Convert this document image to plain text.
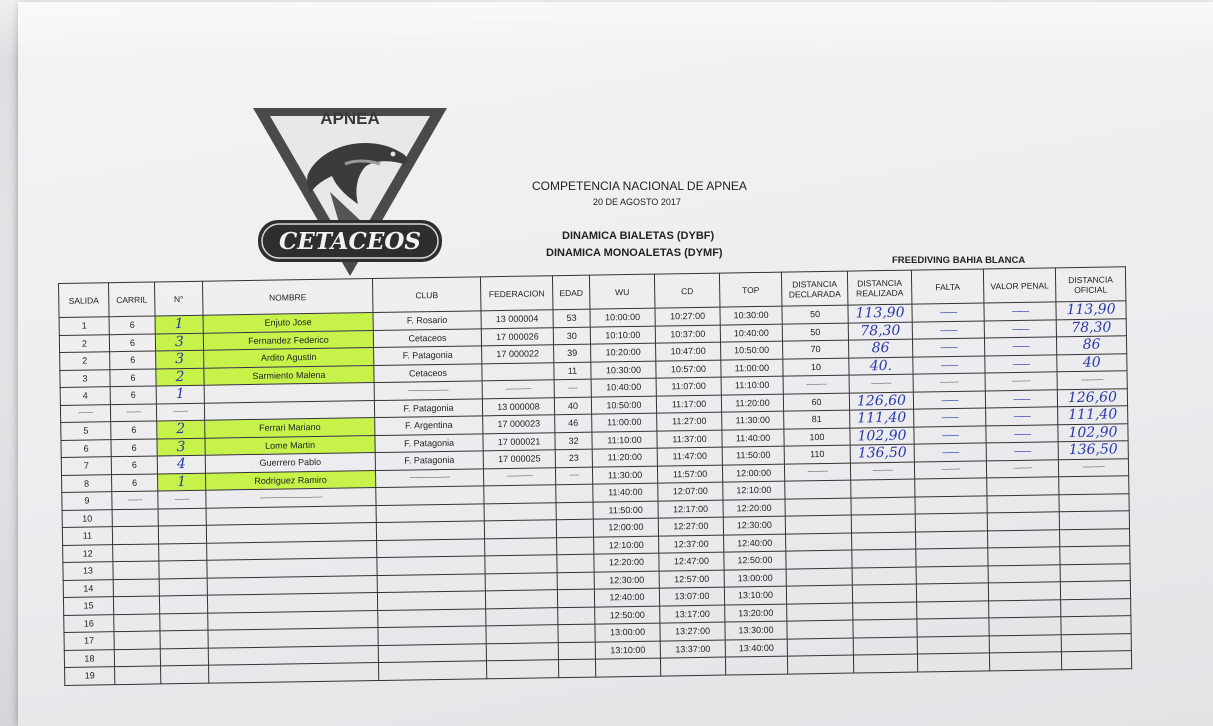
APNEA
CETACEOS
COMPETENCIA NACIONAL DE APNEA
20 DE AGOSTO 2017
DINAMICA BIALETAS (DYBF)
DINAMICA MONOALETAS (DYMF)
FREEDIVING BAHIA BLANCA
SALIDA	CARRIL	N°	NOMBRE	CLUB	FEDERACION	EDAD	WU	CD	TOP	DISTANCIA DECLARADA	DISTANCIA REALIZADA	FALTA	VALOR PENAL	DISTANCIA OFICIAL
1	6	1	Enjuto Jose	F. Rosario	13 000004	53	10:00:00	10:27:00	10:30:00	50	113,90	——	——	113,90
2	6	3	Fernandez Federico	Cetaceos	17 000026	30	10:10:00	10:37:00	10:40:00	50	78,30	——	——	78,30
2	6	3	Ardito Agustin	F. Patagonia	17 000022	39	10:20:00	10:47:00	10:50:00	70	86	——	——	86
3	6	2	Sarmiento Malena	Cetaceos		11	10:30:00	10:57:00	11:00:00	10	40.	——	——	40
4	6	1		----------------------	--------------	-----	10:40:00	11:07:00	11:10:00	-----------	-----------	----------	----------	------------
--------	--------	--------		F. Patagonia	13 000008	40	10:50:00	11:17:00	11:20:00	60	126,60	——	——	126,60
5	6	2	Ferrari Mariano	F. Argentina	17 000023	46	11:00:00	11:27:00	11:30:00	81	111,40	——	——	111,40
6	6	3	Lome Martin	F. Patagonia	17 000021	32	11:10:00	11:37:00	11:40:00	100	102,90	——	——	102,90
7	6	4	Guerrero Pablo	F. Patagonia	17 000025	23	11:20:00	11:47:00	11:50:00	110	136,50	——	——	136,50
8	6	1	Rodriguez Ramiro	----------------------	--------------	-----	11:30:00	11:57:00	12:00:00	-----------	-----------	----------	----------	------------
9	--------	--------	----------------------------------				11:40:00	12:07:00	12:10:00					
10							11:50:00	12:17:00	12:20:00					
11							12:00:00	12:27:00	12:30:00					
12							12:10:00	12:37:00	12:40:00					
13							12:20:00	12:47:00	12:50:00					
14							12:30:00	12:57:00	13:00:00					
15							12:40:00	13:07:00	13:10:00					
16							12:50:00	13:17:00	13:20:00					
17							13:00:00	13:27:00	13:30:00					
18							13:10:00	13:37:00	13:40:00					
19														
